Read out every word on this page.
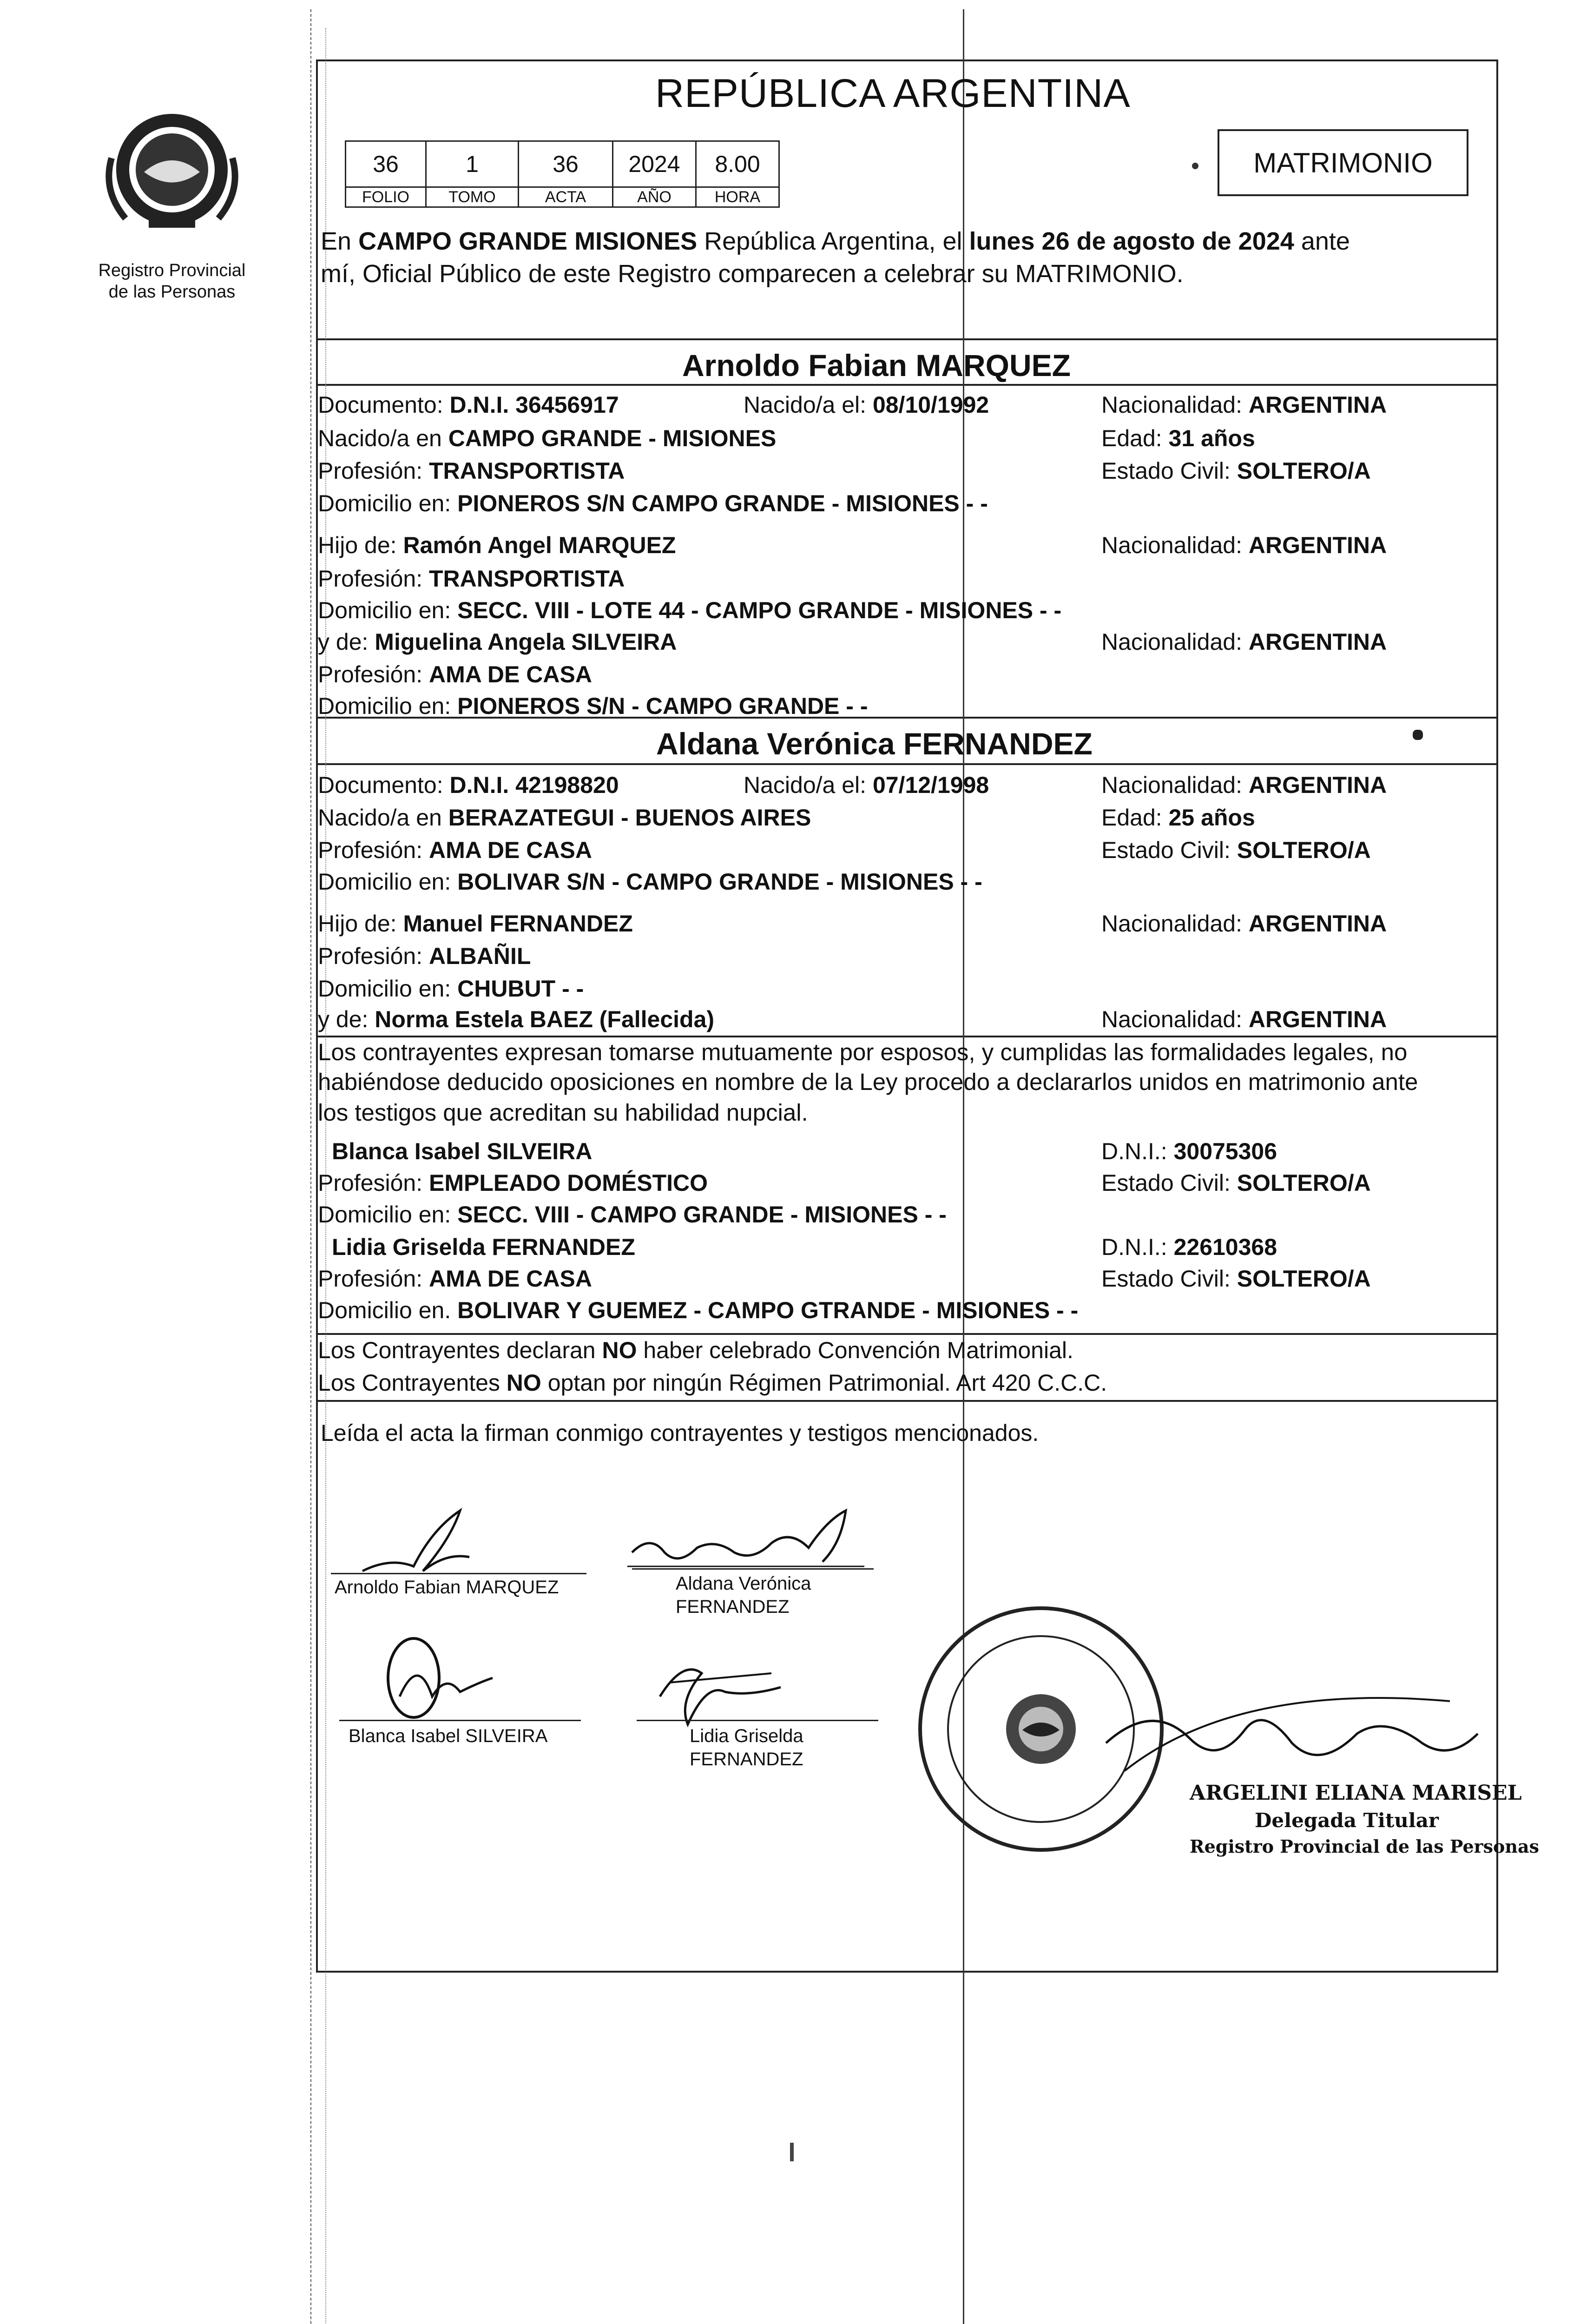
Registro Provincial
de las Personas
REPÚBLICA ARGENTINA
36	1	36	2024	8.00
FOLIO	TOMO	ACTA	AÑO	HORA
MATRIMONIO
En CAMPO GRANDE MISIONES República Argentina, el lunes 26 de agosto de 2024 ante
mí, Oficial Público de este Registro comparecen a celebrar su MATRIMONIO.
Arnoldo Fabian MARQUEZ
Documento: D.N.I. 36456917	Nacido/a el: 08/10/1992	Nacionalidad: ARGENTINA
Nacido/a en CAMPO GRANDE - MISIONES	Edad: 31 años
Profesión: TRANSPORTISTA	Estado Civil: SOLTERO/A
Domicilio en: PIONEROS S/N CAMPO GRANDE - MISIONES - -
Hijo de: Ramón Angel MARQUEZ	Nacionalidad: ARGENTINA
Profesión: TRANSPORTISTA
Domicilio en: SECC. VIII - LOTE 44 - CAMPO GRANDE - MISIONES - -
y de: Miguelina Angela SILVEIRA	Nacionalidad: ARGENTINA
Profesión: AMA DE CASA
Domicilio en: PIONEROS S/N - CAMPO GRANDE - -
Aldana Verónica FERNANDEZ
Documento: D.N.I. 42198820	Nacido/a el: 07/12/1998	Nacionalidad: ARGENTINA
Nacido/a en BERAZATEGUI - BUENOS AIRES	Edad: 25 años
Profesión: AMA DE CASA	Estado Civil: SOLTERO/A
Domicilio en: BOLIVAR S/N - CAMPO GRANDE - MISIONES - -
Hijo de: Manuel FERNANDEZ	Nacionalidad: ARGENTINA
Profesión: ALBAÑIL
Domicilio en: CHUBUT - -
y de: Norma Estela BAEZ (Fallecida)	Nacionalidad: ARGENTINA
Los contrayentes expresan tomarse mutuamente por esposos, y cumplidas las formalidades legales, no
habiéndose deducido oposiciones en nombre de la Ley procedo a declararlos unidos en matrimonio ante
los testigos que acreditan su habilidad nupcial.
Blanca Isabel SILVEIRA	D.N.I.: 30075306
Profesión: EMPLEADO DOMÉSTICO	Estado Civil: SOLTERO/A
Domicilio en: SECC. VIII - CAMPO GRANDE - MISIONES - -
Lidia Griselda FERNANDEZ	D.N.I.: 22610368
Profesión: AMA DE CASA	Estado Civil: SOLTERO/A
Domicilio en. BOLIVAR Y GUEMEZ - CAMPO GTRANDE - MISIONES - -
Los Contrayentes declaran NO haber celebrado Convención Matrimonial.
Los Contrayentes NO optan por ningún Régimen Patrimonial. Art 420 C.C.C.
Leída el acta la firman conmigo contrayentes y testigos mencionados.
Arnoldo
Arnoldo Fabian MARQUEZ	Aldana Verónica
FERNANDEZ
Blanca Isabel SILVEIRA	Lidia Griselda
FERNANDEZ
ARGELINI ELIANA MARISEL
Delegada Titular
Registro Provincial de las Personas
